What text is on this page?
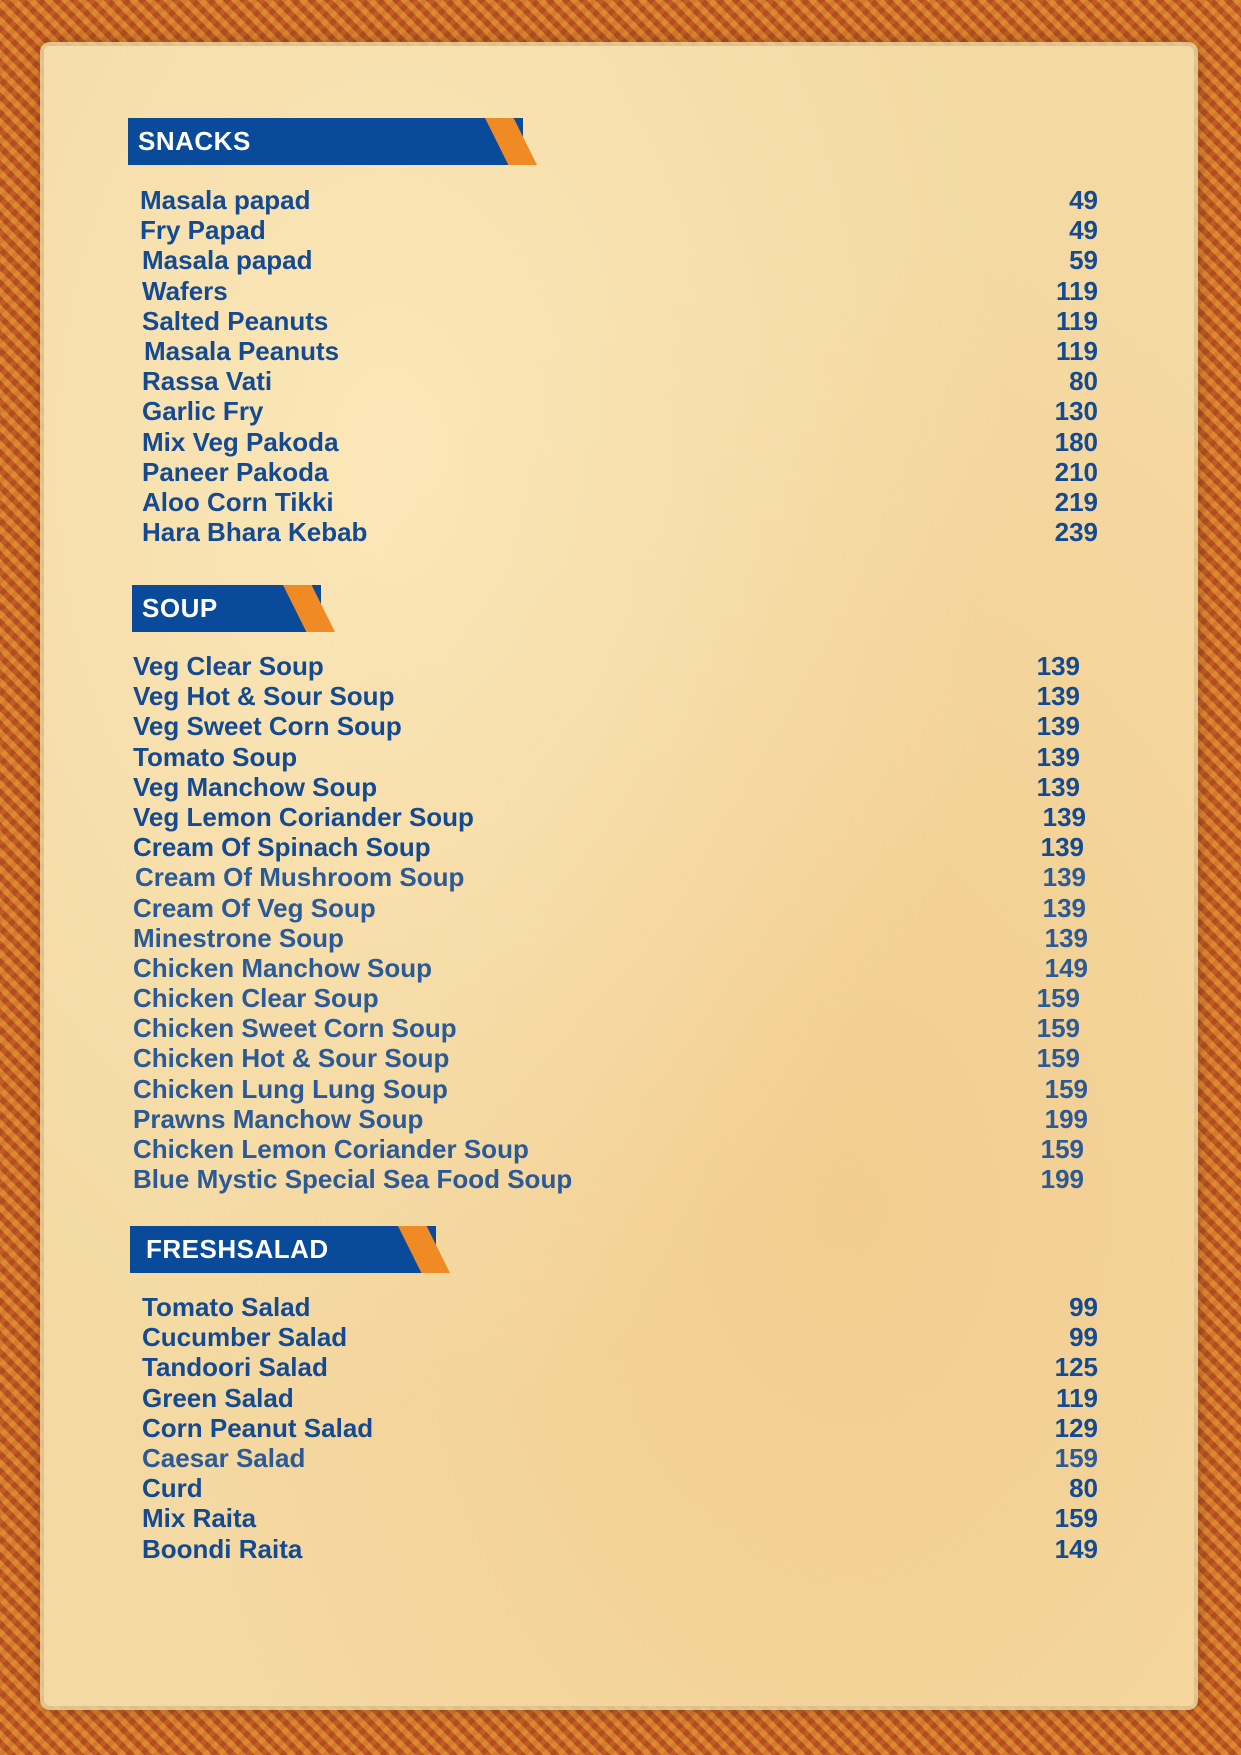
SNACKS
Masala papad	49
Fry Papad	49
Masala papad	59
Wafers	119
Salted Peanuts	119
Masala Peanuts	119
Rassa Vati	80
Garlic Fry	130
Mix Veg Pakoda	180
Paneer Pakoda	210
Aloo Corn Tikki	219
Hara Bhara Kebab	239
SOUP
Veg Clear Soup	139
Veg Hot & Sour Soup	139
Veg Sweet Corn Soup	139
Tomato Soup	139
Veg Manchow Soup	139
Veg Lemon Coriander Soup	139
Cream Of Spinach Soup	139
Cream Of Mushroom Soup	139
Cream Of Veg Soup	139
Minestrone Soup	139
Chicken Manchow Soup	149
Chicken Clear Soup	159
Chicken Sweet Corn Soup	159
Chicken Hot & Sour Soup	159
Chicken Lung Lung Soup	159
Prawns Manchow Soup	199
Chicken Lemon Coriander Soup	159
Blue Mystic Special Sea Food Soup	199
FRESHSALAD
Tomato Salad	99
Cucumber Salad	99
Tandoori Salad	125
Green Salad	119
Corn Peanut Salad	129
Caesar Salad	159
Curd	80
Mix Raita	159
Boondi Raita	149
